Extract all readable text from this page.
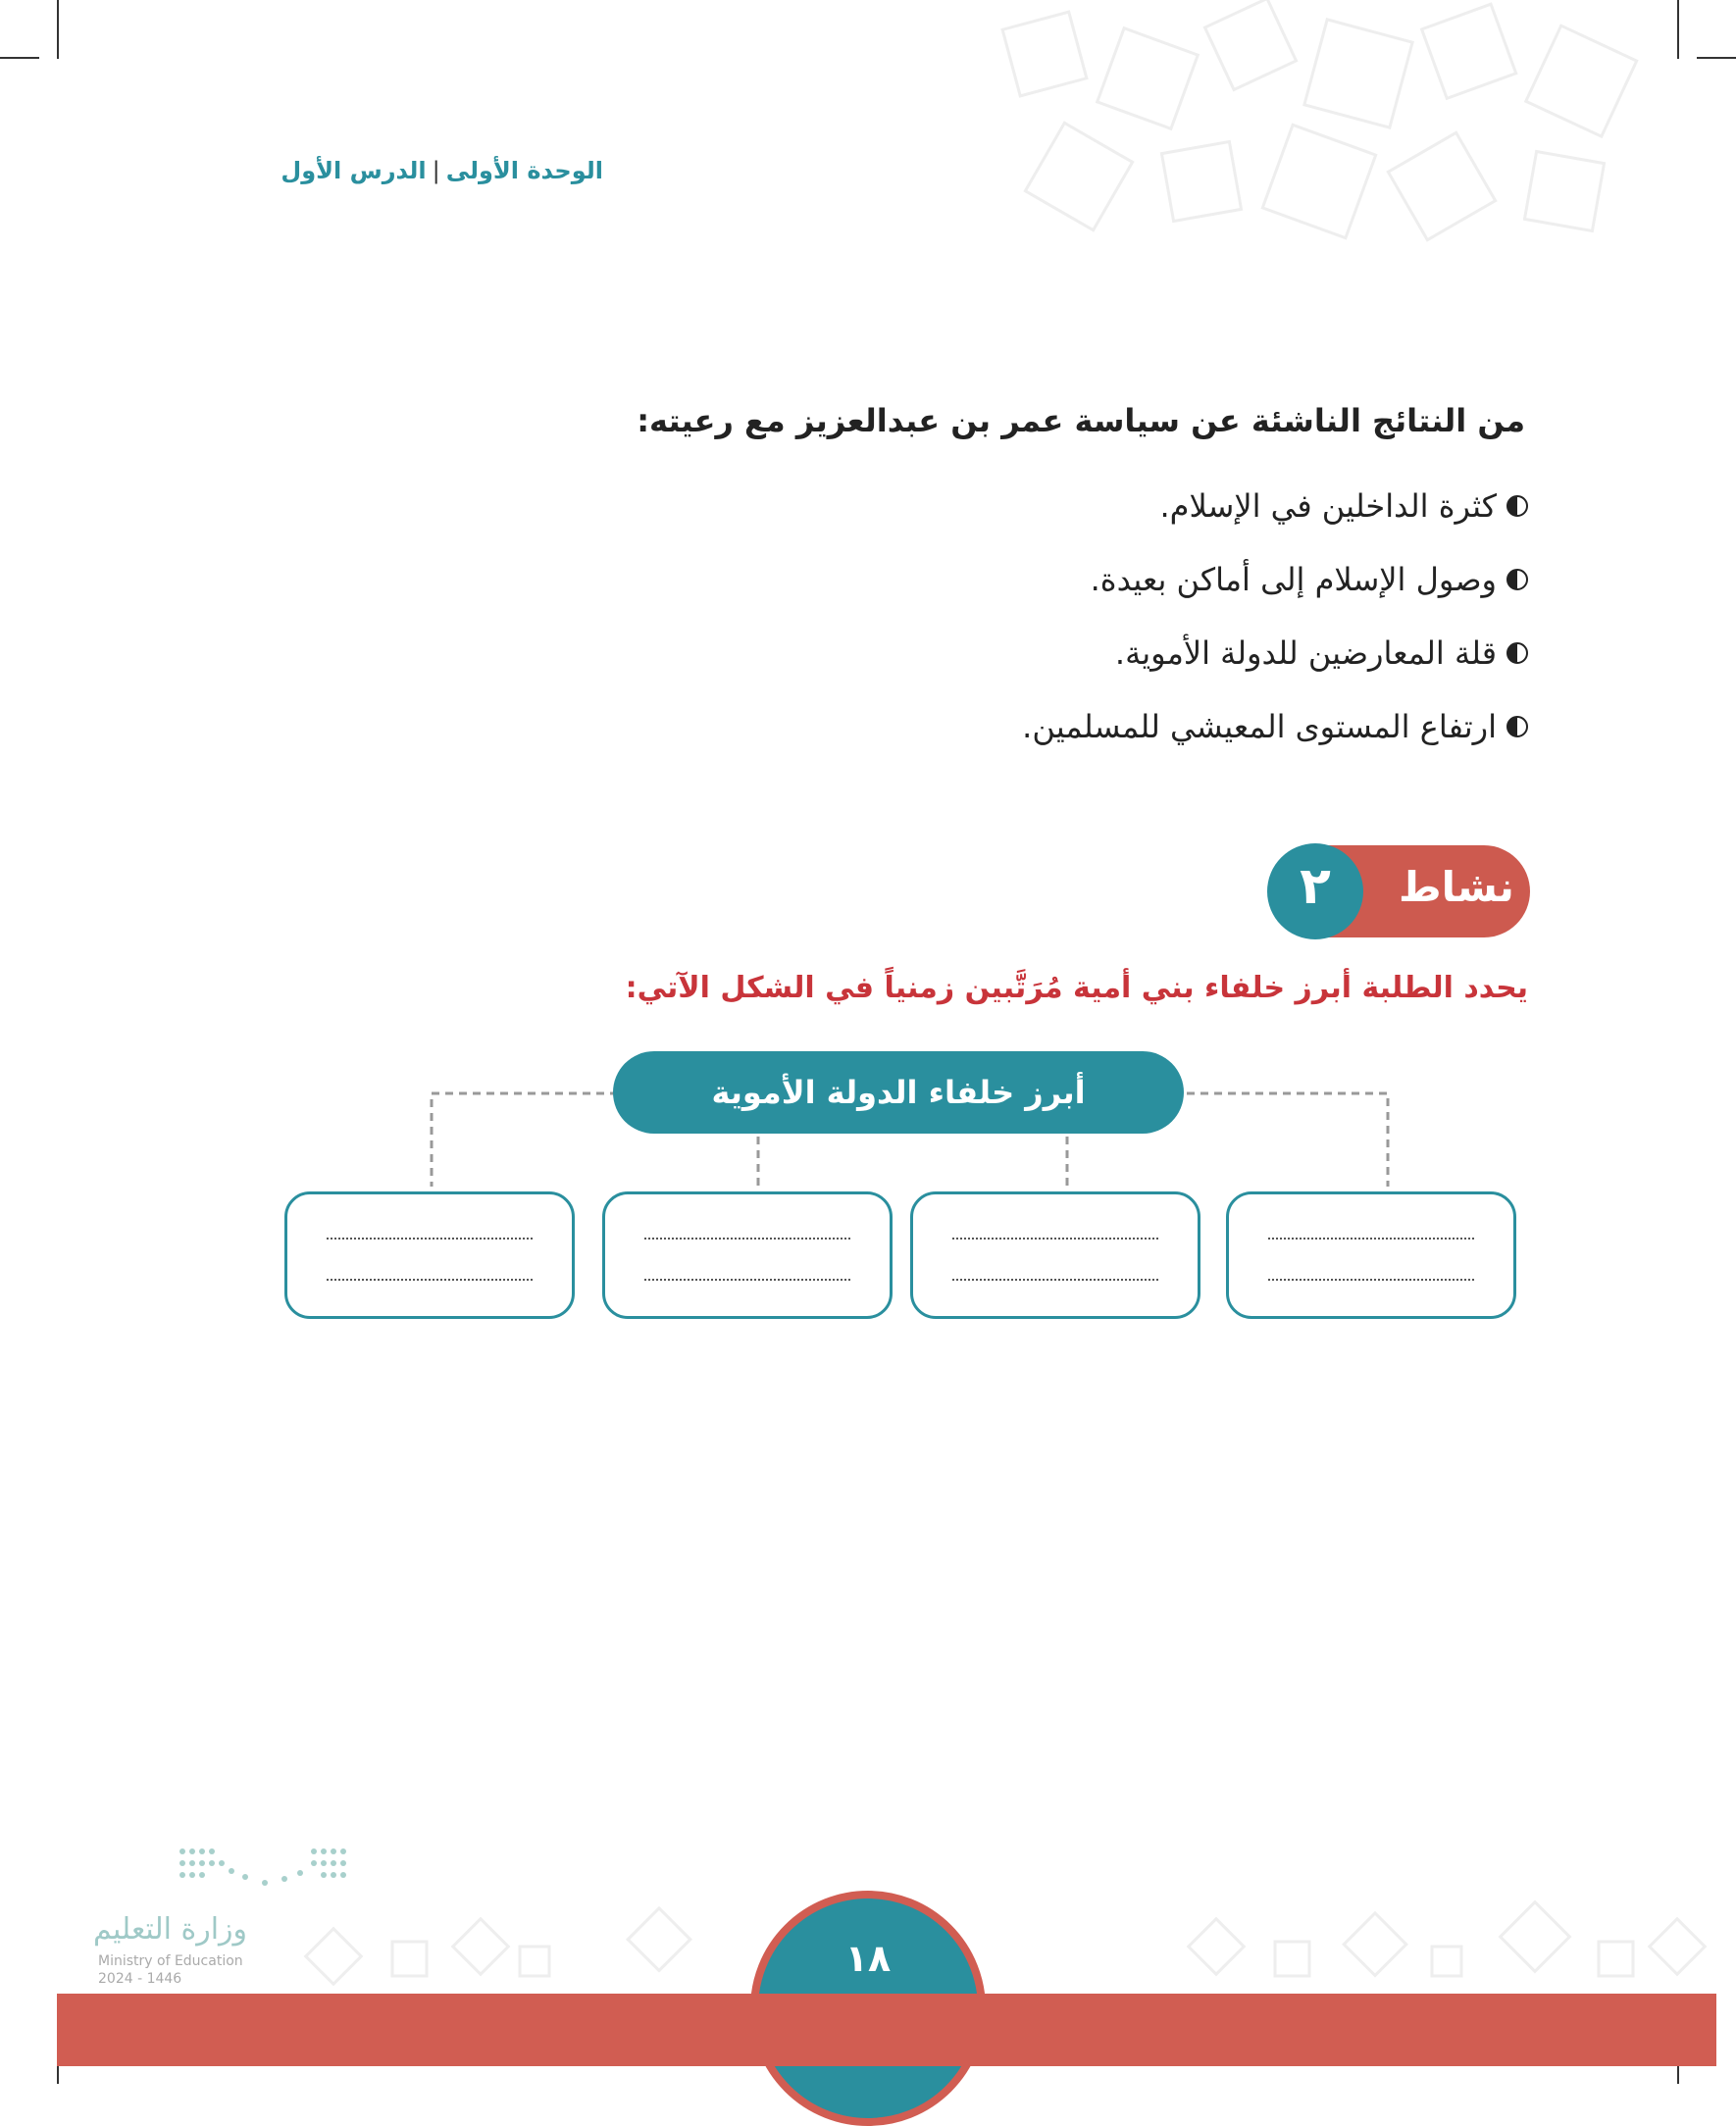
الوحدة الأولى|الدرس الأول
من النتائج الناشئة عن سياسة عمر بن عبدالعزيز مع رعيته:
كثرة الداخلين في الإسلام.
وصول الإسلام إلى أماكن بعيدة.
قلة المعارضين للدولة الأموية.
ارتفاع المستوى المعيشي للمسلمين.
نشاط
٢
يحدد الطلبة أبرز خلفاء بني أمية مُرَتَّبين زمنياً في الشكل الآتي:
أبرز خلفاء الدولة الأموية
١٨
وزارة التعليم
Ministry of Education
2024 - 1446
